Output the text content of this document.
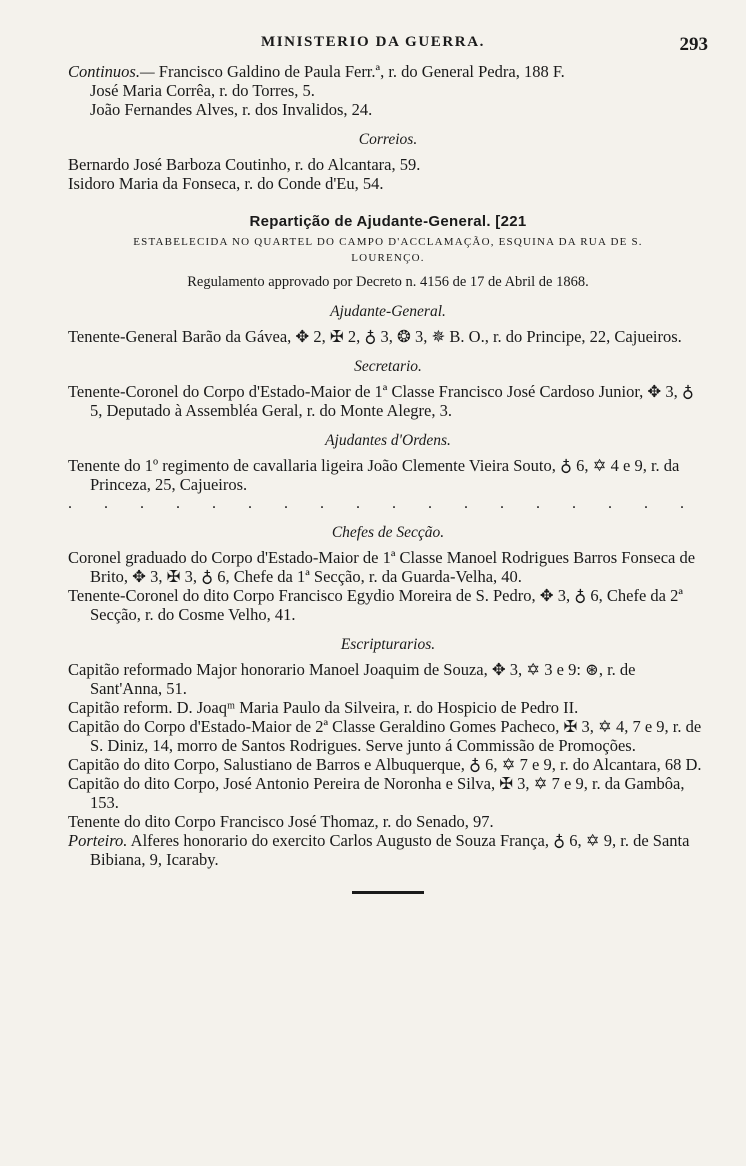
MINISTERIO DA GUERRA.	293

Continuos.— Francisco Galdino de Paula Ferr.ª, r. do General Pedra, 188 F.

José Maria Corrêa, r. do Torres, 5.

João Fernandes Alves, r. dos Invalidos, 24.

Correios.

Bernardo José Barboza Coutinho, r. do Alcantara, 59.

Isidoro Maria da Fonseca, r. do Conde d'Eu, 54.

Repartição de Ajudante-General. [221
ESTABELECIDA NO QUARTEL DO CAMPO D'ACCLAMAÇÃO, ESQUINA DA RUA DE S. LOURENÇO.
Regulamento approvado por Decreto n. 4156 de 17 de Abril de 1868.
Ajudante-General.

Tenente-General Barão da Gávea, ✥ 2, ✠ 2, ♁ 3, ❂ 3, ✵ B. O., r. do Principe, 22, Cajueiros.

Secretario.

Tenente-Coronel do Corpo d'Estado-Maior de 1ª Classe Francisco José Cardoso Junior, ✥ 3, ♁ 5, Deputado à Assembléa Geral, r. do Monte Alegre, 3.

Ajudantes d'Ordens.

Tenente do 1º regimento de cavallaria ligeira João Clemente Vieira Souto, ♁ 6, ✡ 4 e 9, r. da Princeza, 25, Cajueiros.

. . . . . . . . . . . . . . . . . .
Chefes de Secção.

Coronel graduado do Corpo d'Estado-Maior de 1ª Classe Manoel Rodrigues Barros Fonseca de Brito, ✥ 3, ✠ 3, ♁ 6, Chefe da 1ª Secção, r. da Guarda-Velha, 40.

Tenente-Coronel do dito Corpo Francisco Egydio Moreira de S. Pedro, ✥ 3, ♁ 6, Chefe da 2ª Secção, r. do Cosme Velho, 41.

Escripturarios.

Capitão reformado Major honorario Manoel Joaquim de Souza, ✥ 3, ✡ 3 e 9: ⊛, r. de Sant'Anna, 51.

Capitão reform. D. Joaqᵐ Maria Paulo da Silveira, r. do Hospicio de Pedro II.

Capitão do Corpo d'Estado-Maior de 2ª Classe Geraldino Gomes Pacheco, ✠ 3, ✡ 4, 7 e 9, r. de S. Diniz, 14, morro de Santos Rodrigues. Serve junto á Commissão de Promoções.

Capitão do dito Corpo, Salustiano de Barros e Albuquerque, ♁ 6, ✡ 7 e 9, r. do Alcantara, 68 D.

Capitão do dito Corpo, José Antonio Pereira de Noronha e Silva, ✠ 3, ✡ 7 e 9, r. da Gambôa, 153.

Tenente do dito Corpo Francisco José Thomaz, r. do Senado, 97.

Porteiro. Alferes honorario do exercito Carlos Augusto de Souza França, ♁ 6, ✡ 9, r. de Santa Bibiana, 9, Icaraby.
